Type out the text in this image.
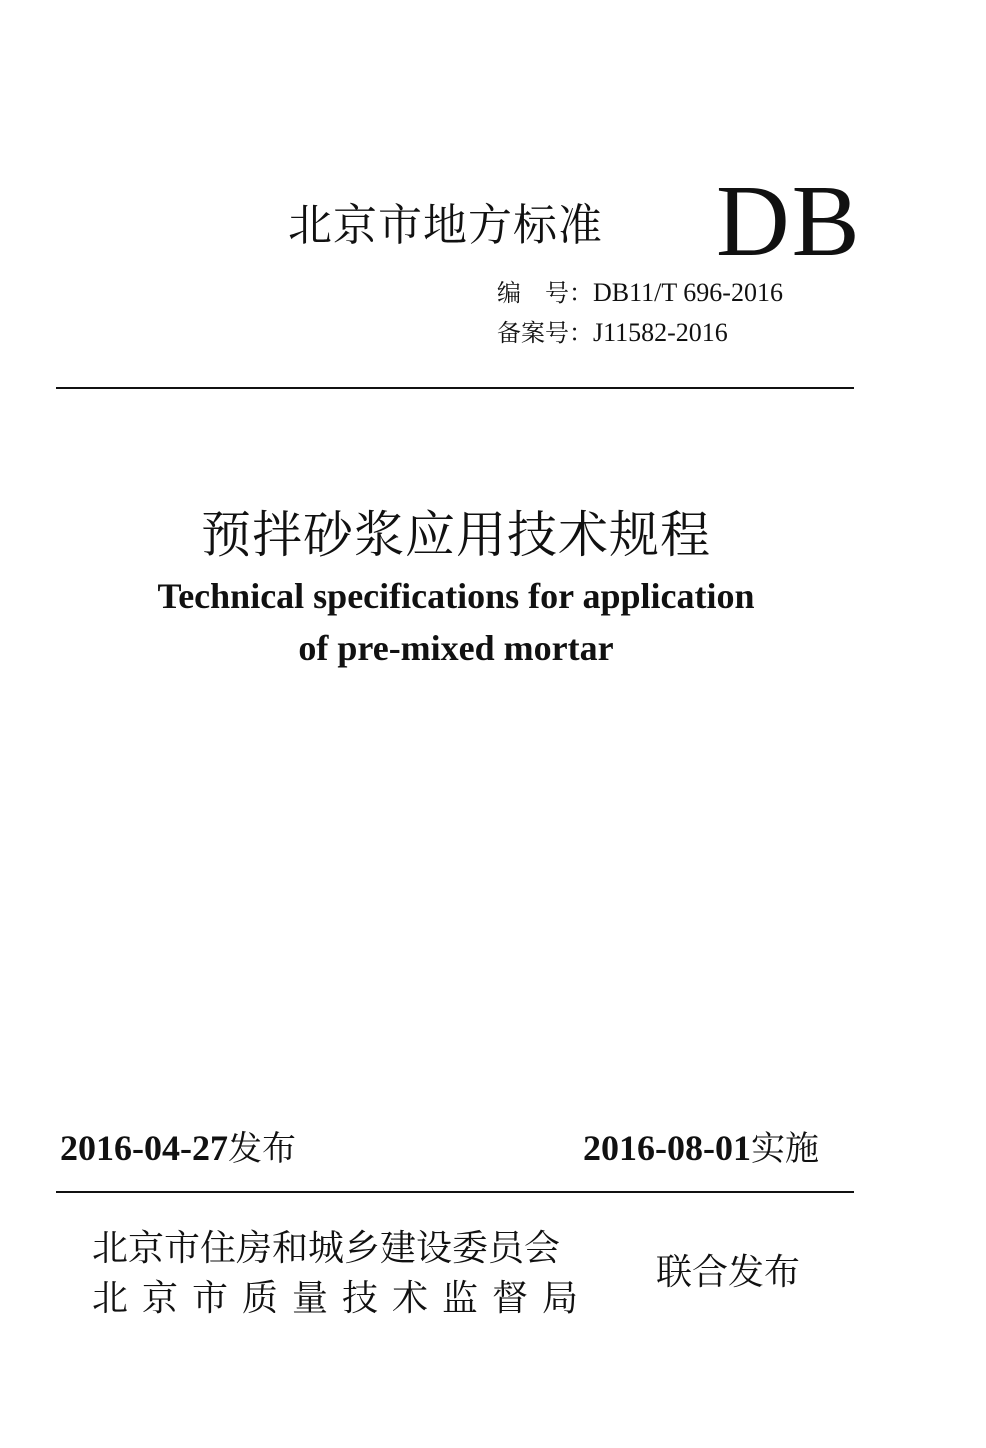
北京市地方标准 DB
编　号：DB11/T 696-2016
备案号：J11582-2016
预拌砂浆应用技术规程
Technical specifications for application
of pre-mixed mortar
2016-04-27发布	2016-08-01实施
北京市住房和城乡建设委员会
北京市质量技术监督局
联合发布
